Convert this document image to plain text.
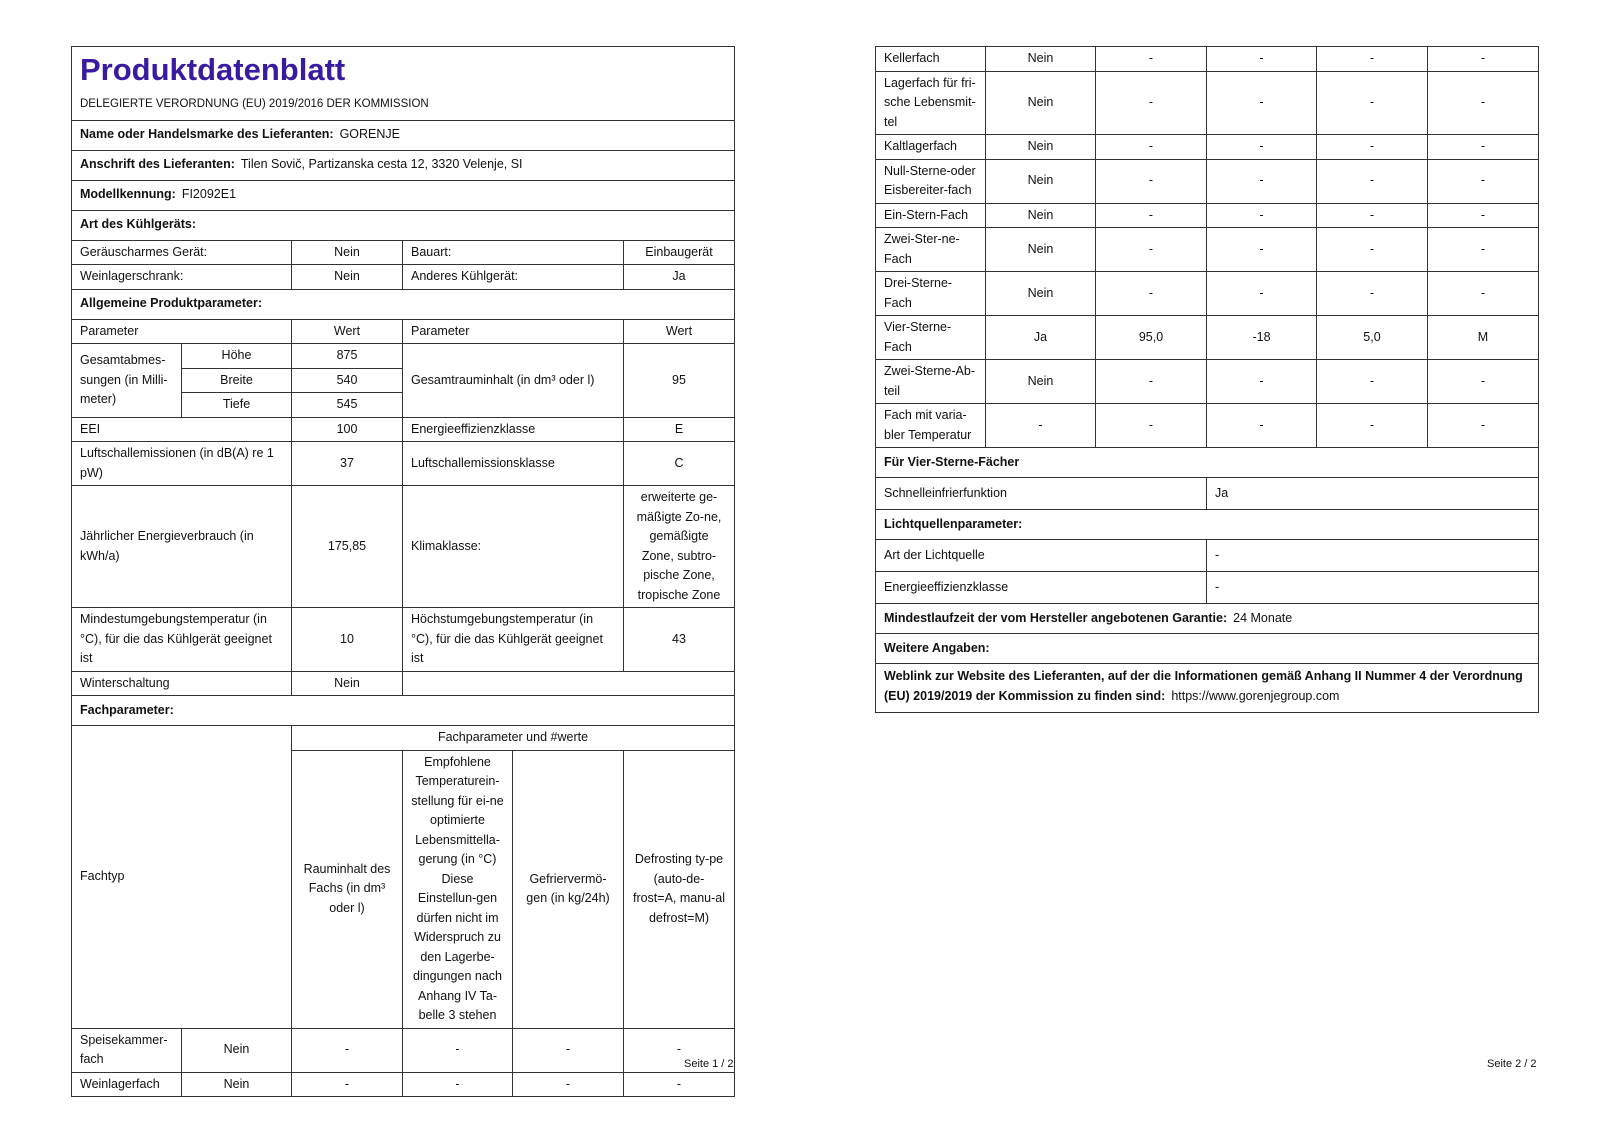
Produktdatenblatt
DELEGIERTE VERORDNUNG (EU) 2019/2016 DER KOMMISSION					

Name oder Handelsmarke des Lieferanten: GORENJE					
Anschrift des Lieferanten: Tilen Sovič, Partizanska cesta 12, 3320 Velenje, SI					
Modellkennung: FI2092E1					
Art des Kühlgeräts:					
Geräuscharmes Gerät:		Nein	Bauart:		Einbaugerät
Weinlagerschrank:		Nein	Anderes Kühlgerät:		Ja
Allgemeine Produktparameter:					
Parameter		Wert	Parameter		Wert
Gesamtabmes-sungen (in Milli-meter)	Höhe	875	Gesamtrauminhalt (in dm³ oder l)		95
	Breite	540			
	Tiefe	545			
EEI		100	Energieeffizienzklasse		E
Luftschallemissionen (in dB(A) re 1 pW)		37	Luftschallemissionsklasse		C
Jährlicher Energieverbrauch (in kWh/a)		175,85	Klimaklasse:		erweiterte ge-mäßigte Zo-ne, gemäßigte Zone, subtro-pische Zone, tropische Zone
Mindestumgebungstemperatur (in °C), für die das Kühlgerät geeignet ist		10	Höchstumgebungstemperatur (in °C), für die das Kühlgerät geeignet ist		43
Winterschaltung		Nein			
Fachparameter:					
Fachtyp		Fachparameter und #werte			
		Rauminhalt des Fachs (in dm³ oder l)	Empfohlene Temperaturein-stellung für ei-ne optimierte Lebensmittella-gerung (in °C) Diese Einstellun-gen dürfen nicht im Widerspruch zu den Lagerbe-dingungen nach Anhang IV Ta-belle 3 stehen	Gefriervermö-gen (in kg/24h)	Defrosting ty-pe (auto-de-frost=A, manu-al defrost=M)
Speisekammer-fach	Nein	-	-	-	-
Weinlagerfach	Nein	-	-	-	-
Seite 1 / 2
Kellerfach	Nein	-	-	-	-
Lagerfach für fri-sche Lebensmit-tel	Nein	-	-	-	-
Kaltlagerfach	Nein	-	-	-	-
Null-Sterne-oder Eisbereiter-fach	Nein	-	-	-	-
Ein-Stern-Fach	Nein	-	-	-	-
Zwei-Ster-ne-Fach	Nein	-	-	-	-
Drei-Sterne-Fach	Nein	-	-	-	-
Vier-Sterne-Fach	Ja	95,0	-18	5,0	M
Zwei-Sterne-Ab-teil	Nein	-	-	-	-
Fach mit varia-bler Temperatur	-	-	-	-	-
Für Vier-Sterne-Fächer					
Schnelleinfrierfunktion			Ja		
Lichtquellenparameter:					
Art der Lichtquelle			-		
Energieeffizienzklasse			-		
Mindestlaufzeit der vom Hersteller angebotenen Garantie: 24 Monate					
Weitere Angaben:					
Weblink zur Website des Lieferanten, auf der die Informationen gemäß Anhang II Nummer 4 der Verordnung (EU) 2019/2019 der Kommission zu finden sind: https://www.gorenjegroup.com					
Seite 2 / 2
